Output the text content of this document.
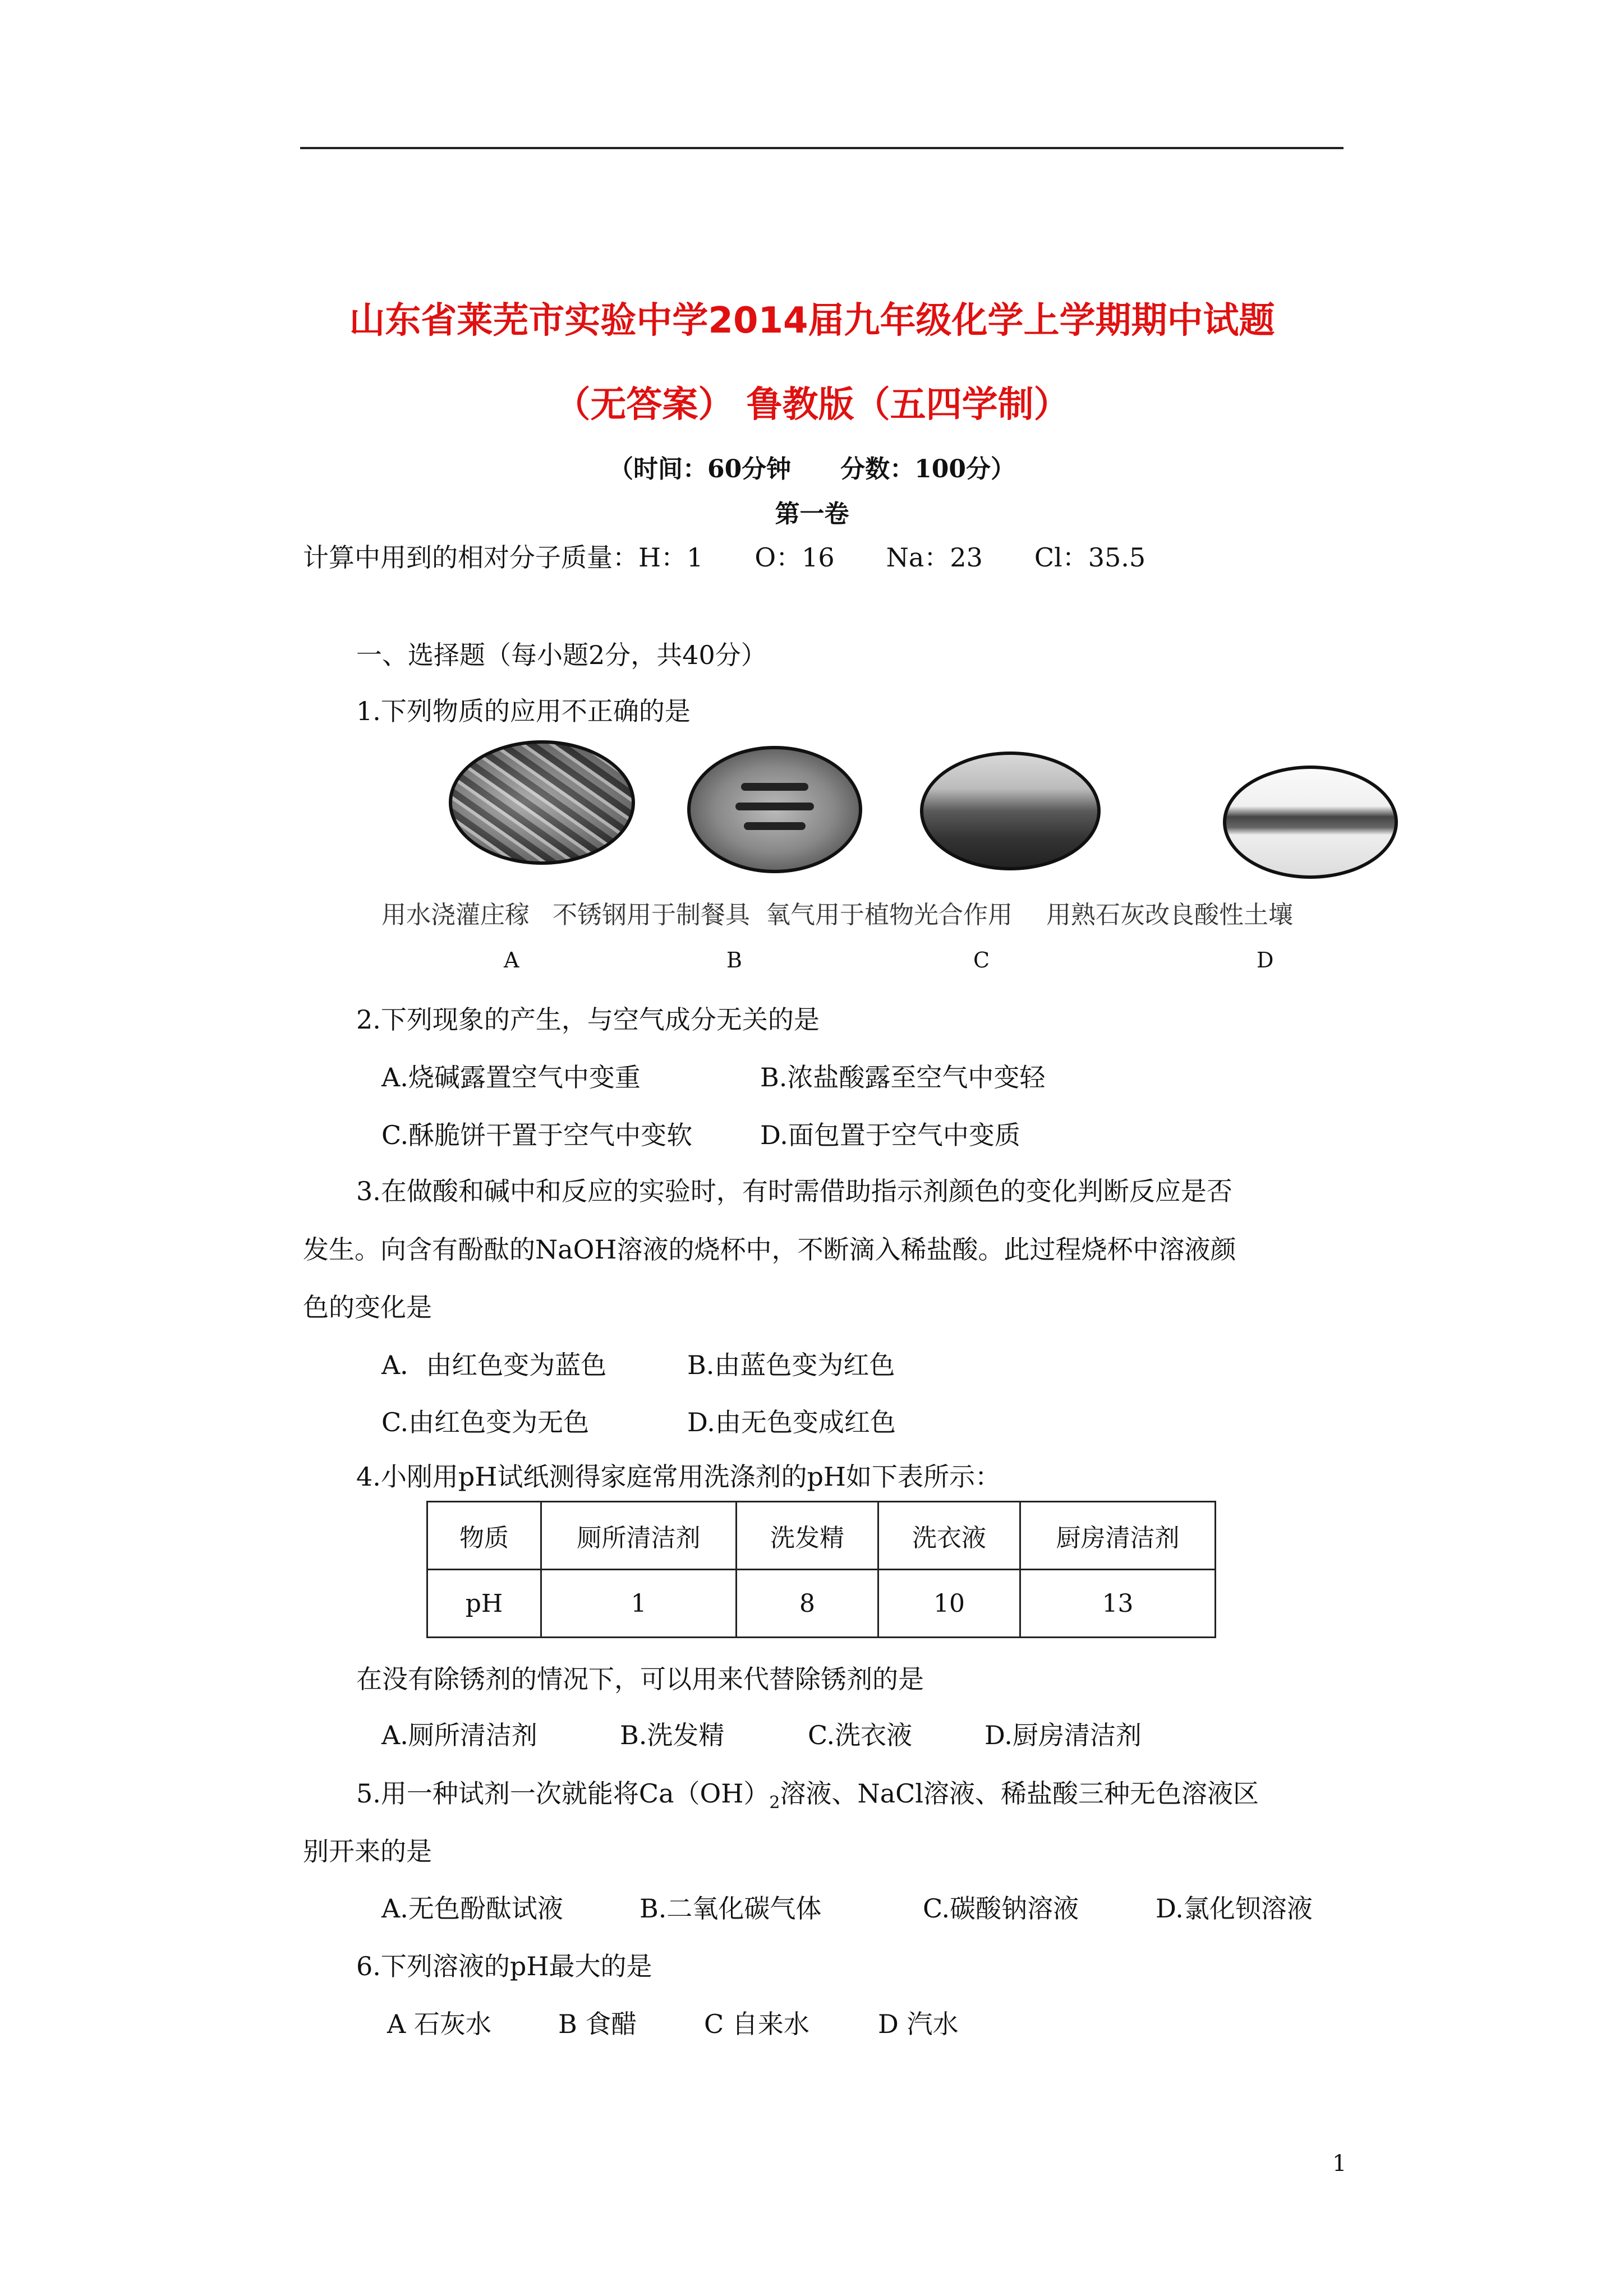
山东省莱芜市实验中学2014届九年级化学上学期期中试题
（无答案） 鲁教版（五四学制）
（时间：60分钟　　分数：100分）
第一卷
计算中用到的相对分子质量：H：1　　O：16　　Na：23　　Cl：35.5
一、选择题（每小题2分，共40分）
1.下列物质的应用不正确的是
用水浇灌庄稼 不锈钢用于制餐具 氧气用于植物光合作用 用熟石灰改良酸性土壤
A	B	C	D
2.下列现象的产生，与空气成分无关的是
A.烧碱露置空气中变重	B.浓盐酸露至空气中变轻
C.酥脆饼干置于空气中变软	D.面包置于空气中变质
3.在做酸和碱中和反应的实验时，有时需借助指示剂颜色的变化判断反应是否
发生。向含有酚酞的NaOH溶液的烧杯中，不断滴入稀盐酸。此过程烧杯中溶液颜
色的变化是
A．由红色变为蓝色	B.由蓝色变为红色
C.由红色变为无色	D.由无色变成红色
4.小刚用pH试纸测得家庭常用洗涤剂的pH如下表所示：
物质	厕所清洁剂	洗发精	洗衣液	厨房清洁剂
pH	1	8	10	13
在没有除锈剂的情况下，可以用来代替除锈剂的是
A.厕所清洁剂	B.洗发精	C.洗衣液	D.厨房清洁剂
5.用一种试剂一次就能将$Ca(OH)_2$溶液、NaCl溶液、稀盐酸三种无色溶液区
别开来的是
A.无色酚酞试液	B.二氧化碳气体	C.碳酸钠溶液	D.氯化钡溶液
6.下列溶液的pH最大的是
A 石灰水	B 食醋	C 自来水	D 汽水
1
